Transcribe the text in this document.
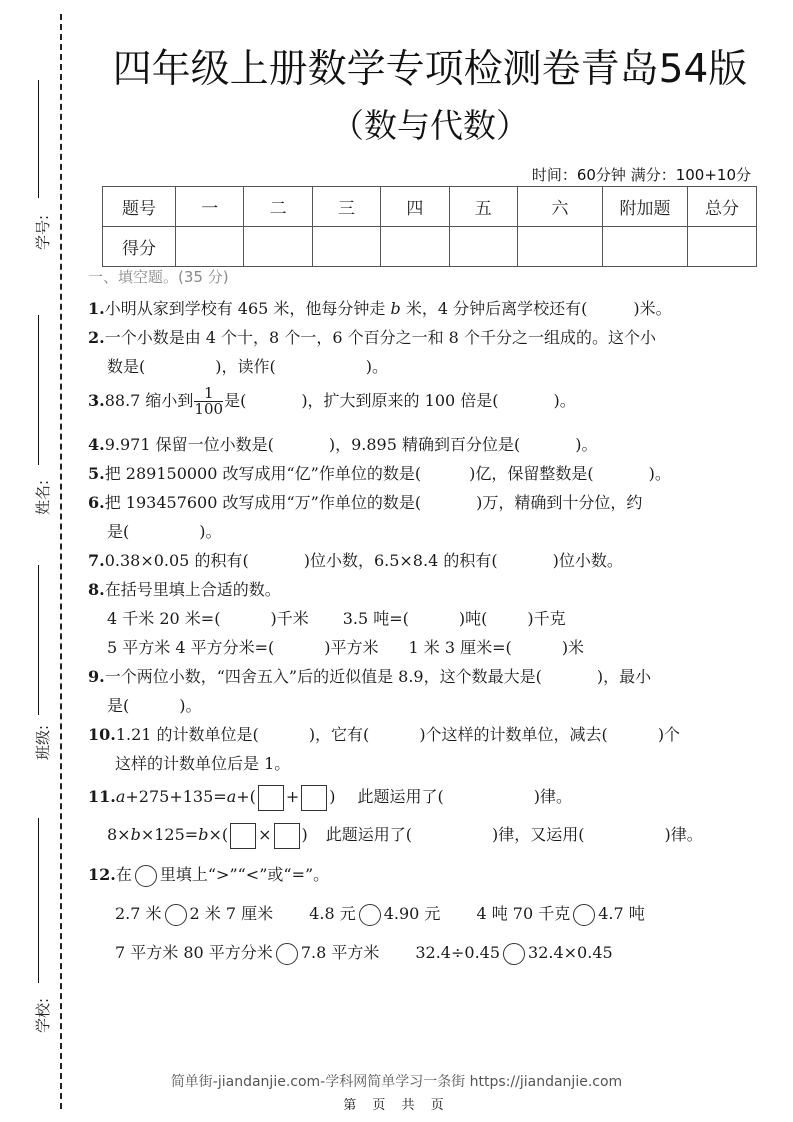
学号:
姓名:
班级:
学校:
四年级上册数学专项检测卷青岛54版
（数与代数）
时间：60分钟 满分：100+10分
题号	一	二	三	四	五	六	附加题	总分
得分								
一、填空题。(35 分)
1.小明从家到学校有 465 米，他每分钟走 b 米，4 分钟后离学校还有(	)米。
2.一个小数是由 4 个十，8 个一，6 个百分之一和 8 个千分之一组成的。这个小
数是(	)，读作(	)。
3.88.7 缩小到 $\frac{1}{100}$ 是(	)，扩大到原来的 100 倍是(	)。
4.9.971 保留一位小数是(	)，9.895 精确到百分位是(	)。
5.把 289150000 改写成用“亿”作单位的数是(	)亿，保留整数是(	)。
6.把 193457600 改写成用“万”作单位的数是(	)万，精确到十分位，约
是(	)。
7.0.38×0.05 的积有(	)位小数，6.5×8.4 的积有(	)位小数。
8.在括号里填上合适的数。
4 千米 20 米=(	)千米 3.5 吨=(	)吨(	)千克
5 平方米 4 平方分米=(	)平方米 1 米 3 厘米=(	)米
9.一个两位小数，“四舍五入”后的近似值是 8.9，这个数最大是(	)，最小
是(	)。
10.1.21 的计数单位是(	)，它有(	)个这样的计数单位，减去(	)个
这样的计数单位后是 1。
11.a+275+135=a+( + ) 此题运用了(	)律。
8×b×125=b×( × ) 此题运用了(	)律，又运用(	)律。
12.在 里填上“>”“<”或“=”。
2.7 米 2 米 7 厘米 4.8 元 4.90 元 4 吨 70 千克 4.7 吨
7 平方米 80 平方分米 7.8 平方米 32.4÷0.45 32.4×0.45
简单街-jiandanjie.com-学科网简单学习一条街 https://jiandanjie.com
第 页 共 页
